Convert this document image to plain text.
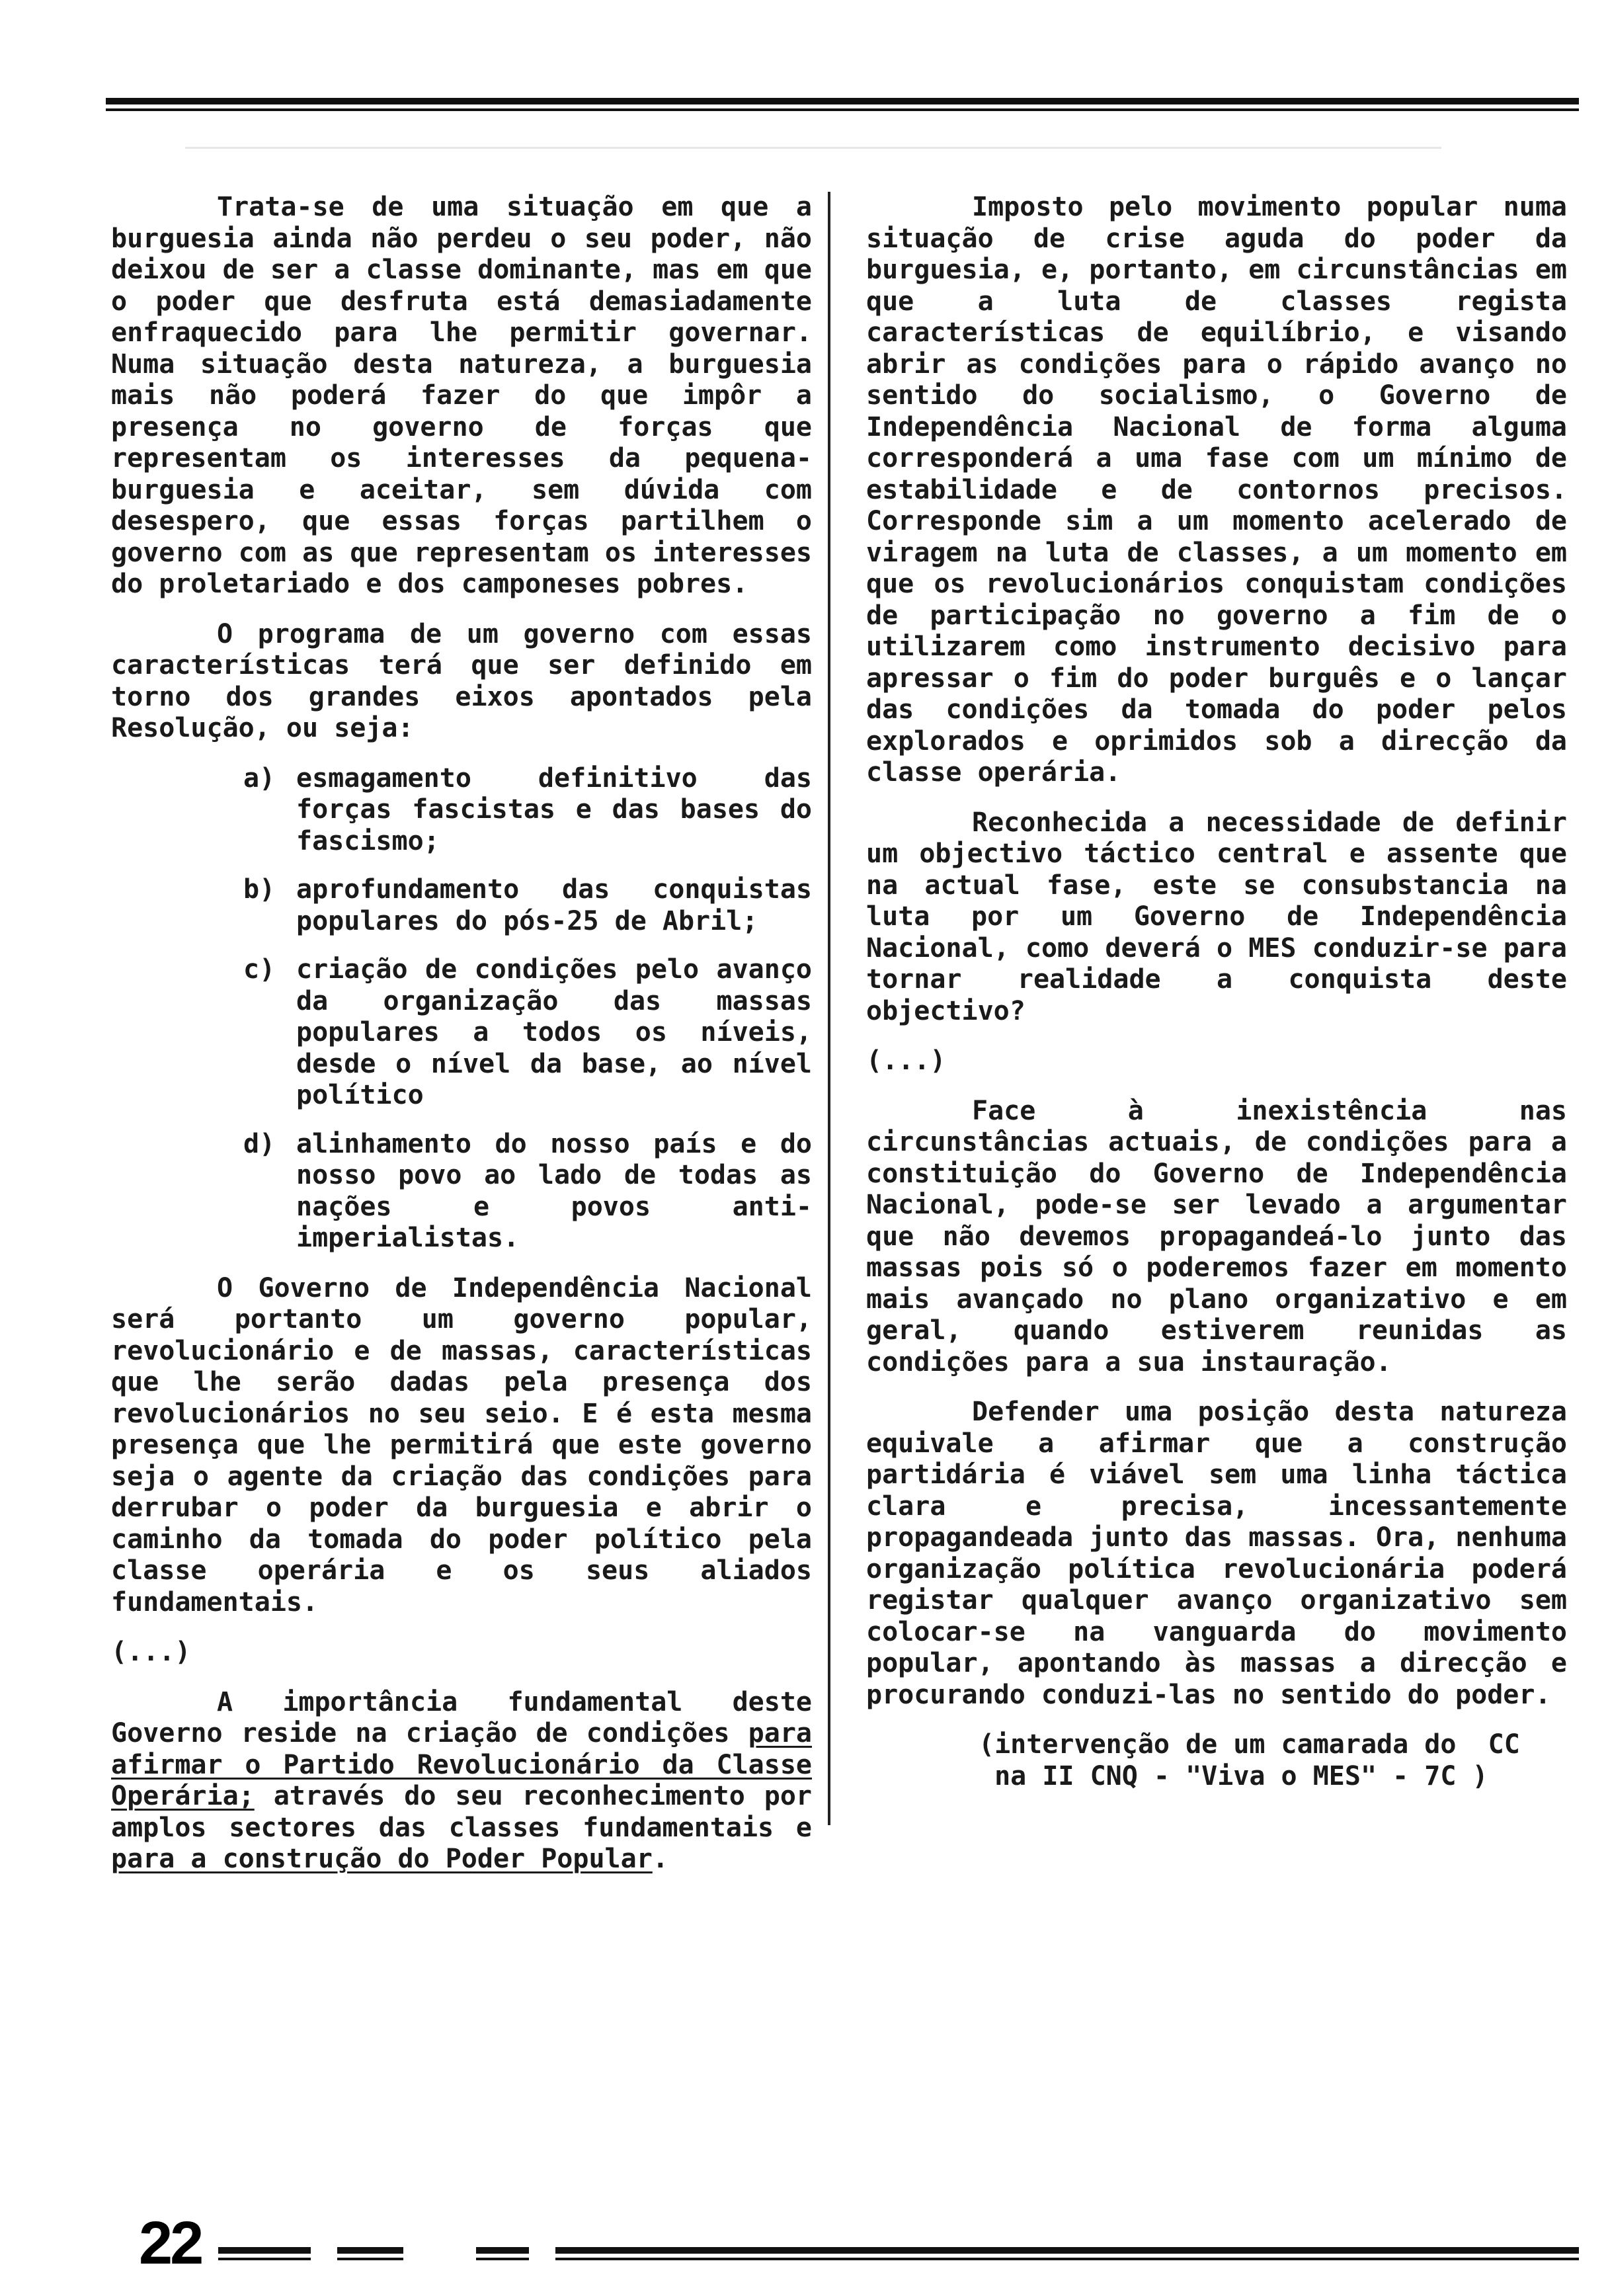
Trata-se de uma situação em que a burguesia ainda não perdeu o seu poder, não deixou de ser a classe dominante, mas em que o poder que desfruta está demasiadamente enfraquecido para lhe permitir governar. Numa situação desta natureza, a burguesia mais não poderá fazer do que impôr a presença no governo de forças que representam os interesses da pequena-burguesia e aceitar, sem dúvida com desespero, que essas forças partilhem o governo com as que representam os interesses do proletariado e dos camponeses pobres.

O programa de um governo com essas características terá que ser definido em torno dos grandes eixos apontados pela Resolução, ou seja:

a) esmagamento definitivo das forças fascistas e das bases do fascismo;
b) aprofundamento das conquistas populares do pós-25 de Abril;
c) criação de condições pelo avanço da organização das massas populares a todos os níveis, desde o nível da base, ao nível político
d) alinhamento do nosso país e do nosso povo ao lado de todas as nações e povos anti-imperialistas.

O Governo de Independência Nacional será portanto um governo popular, revolucionário e de massas, características que lhe serão dadas pela presença dos revolucionários no seu seio. E é esta mesma presença que lhe permitirá que este governo seja o agente da criação das condições para derrubar o poder da burguesia e abrir o caminho da tomada do poder político pela classe operária e os seus aliados fundamentais.

(...)

A importância fundamental deste Governo reside na criação de condições para afirmar o Partido Revolucionário da Classe Operária; através do seu reconhecimento por amplos sectores das classes fundamentais e para a construção do Poder Popular.

Imposto pelo movimento popular numa situação de crise aguda do poder da burguesia, e, portanto, em circunstâncias em que a luta de classes regista características de equilíbrio, e visando abrir as condições para o rápido avanço no sentido do socialismo, o Governo de Independência Nacional de forma alguma corresponderá a uma fase com um mínimo de estabilidade e de contornos precisos. Corresponde sim a um momento acelerado de viragem na luta de classes, a um momento em que os revolucionários conquistam condições de participação no governo a fim de o utilizarem como instrumento decisivo para apressar o fim do poder burguês e o lançar das condições da tomada do poder pelos explorados e oprimidos sob a direcção da classe operária.

Reconhecida a necessidade de definir um objectivo táctico central e assente que na actual fase, este se consubstancia na luta por um Governo de Independência Nacional, como deverá o MES conduzir-se para tornar realidade a conquista deste objectivo?

(...)

Face à inexistência nas circunstâncias actuais, de condições para a constituição do Governo de Independência Nacional, pode-se ser levado a argumentar que não devemos propagandeá-lo junto das massas pois só o poderemos fazer em momento mais avançado no plano organizativo e em geral, quando estiverem reunidas as condições para a sua instauração.

Defender uma posição desta natureza equivale a afirmar que a construção partidária é viável sem uma linha táctica clara e precisa, incessantemente propagandeada junto das massas. Ora, nenhuma organização política revolucionária poderá registar qualquer avanço organizativo sem colocar-se na vanguarda do movimento popular, apontando às massas a direcção e procurando conduzi-las no sentido do poder.

(intervenção de um camarada do  CC
na II CNQ - "Viva o MES" - 7C )
22
